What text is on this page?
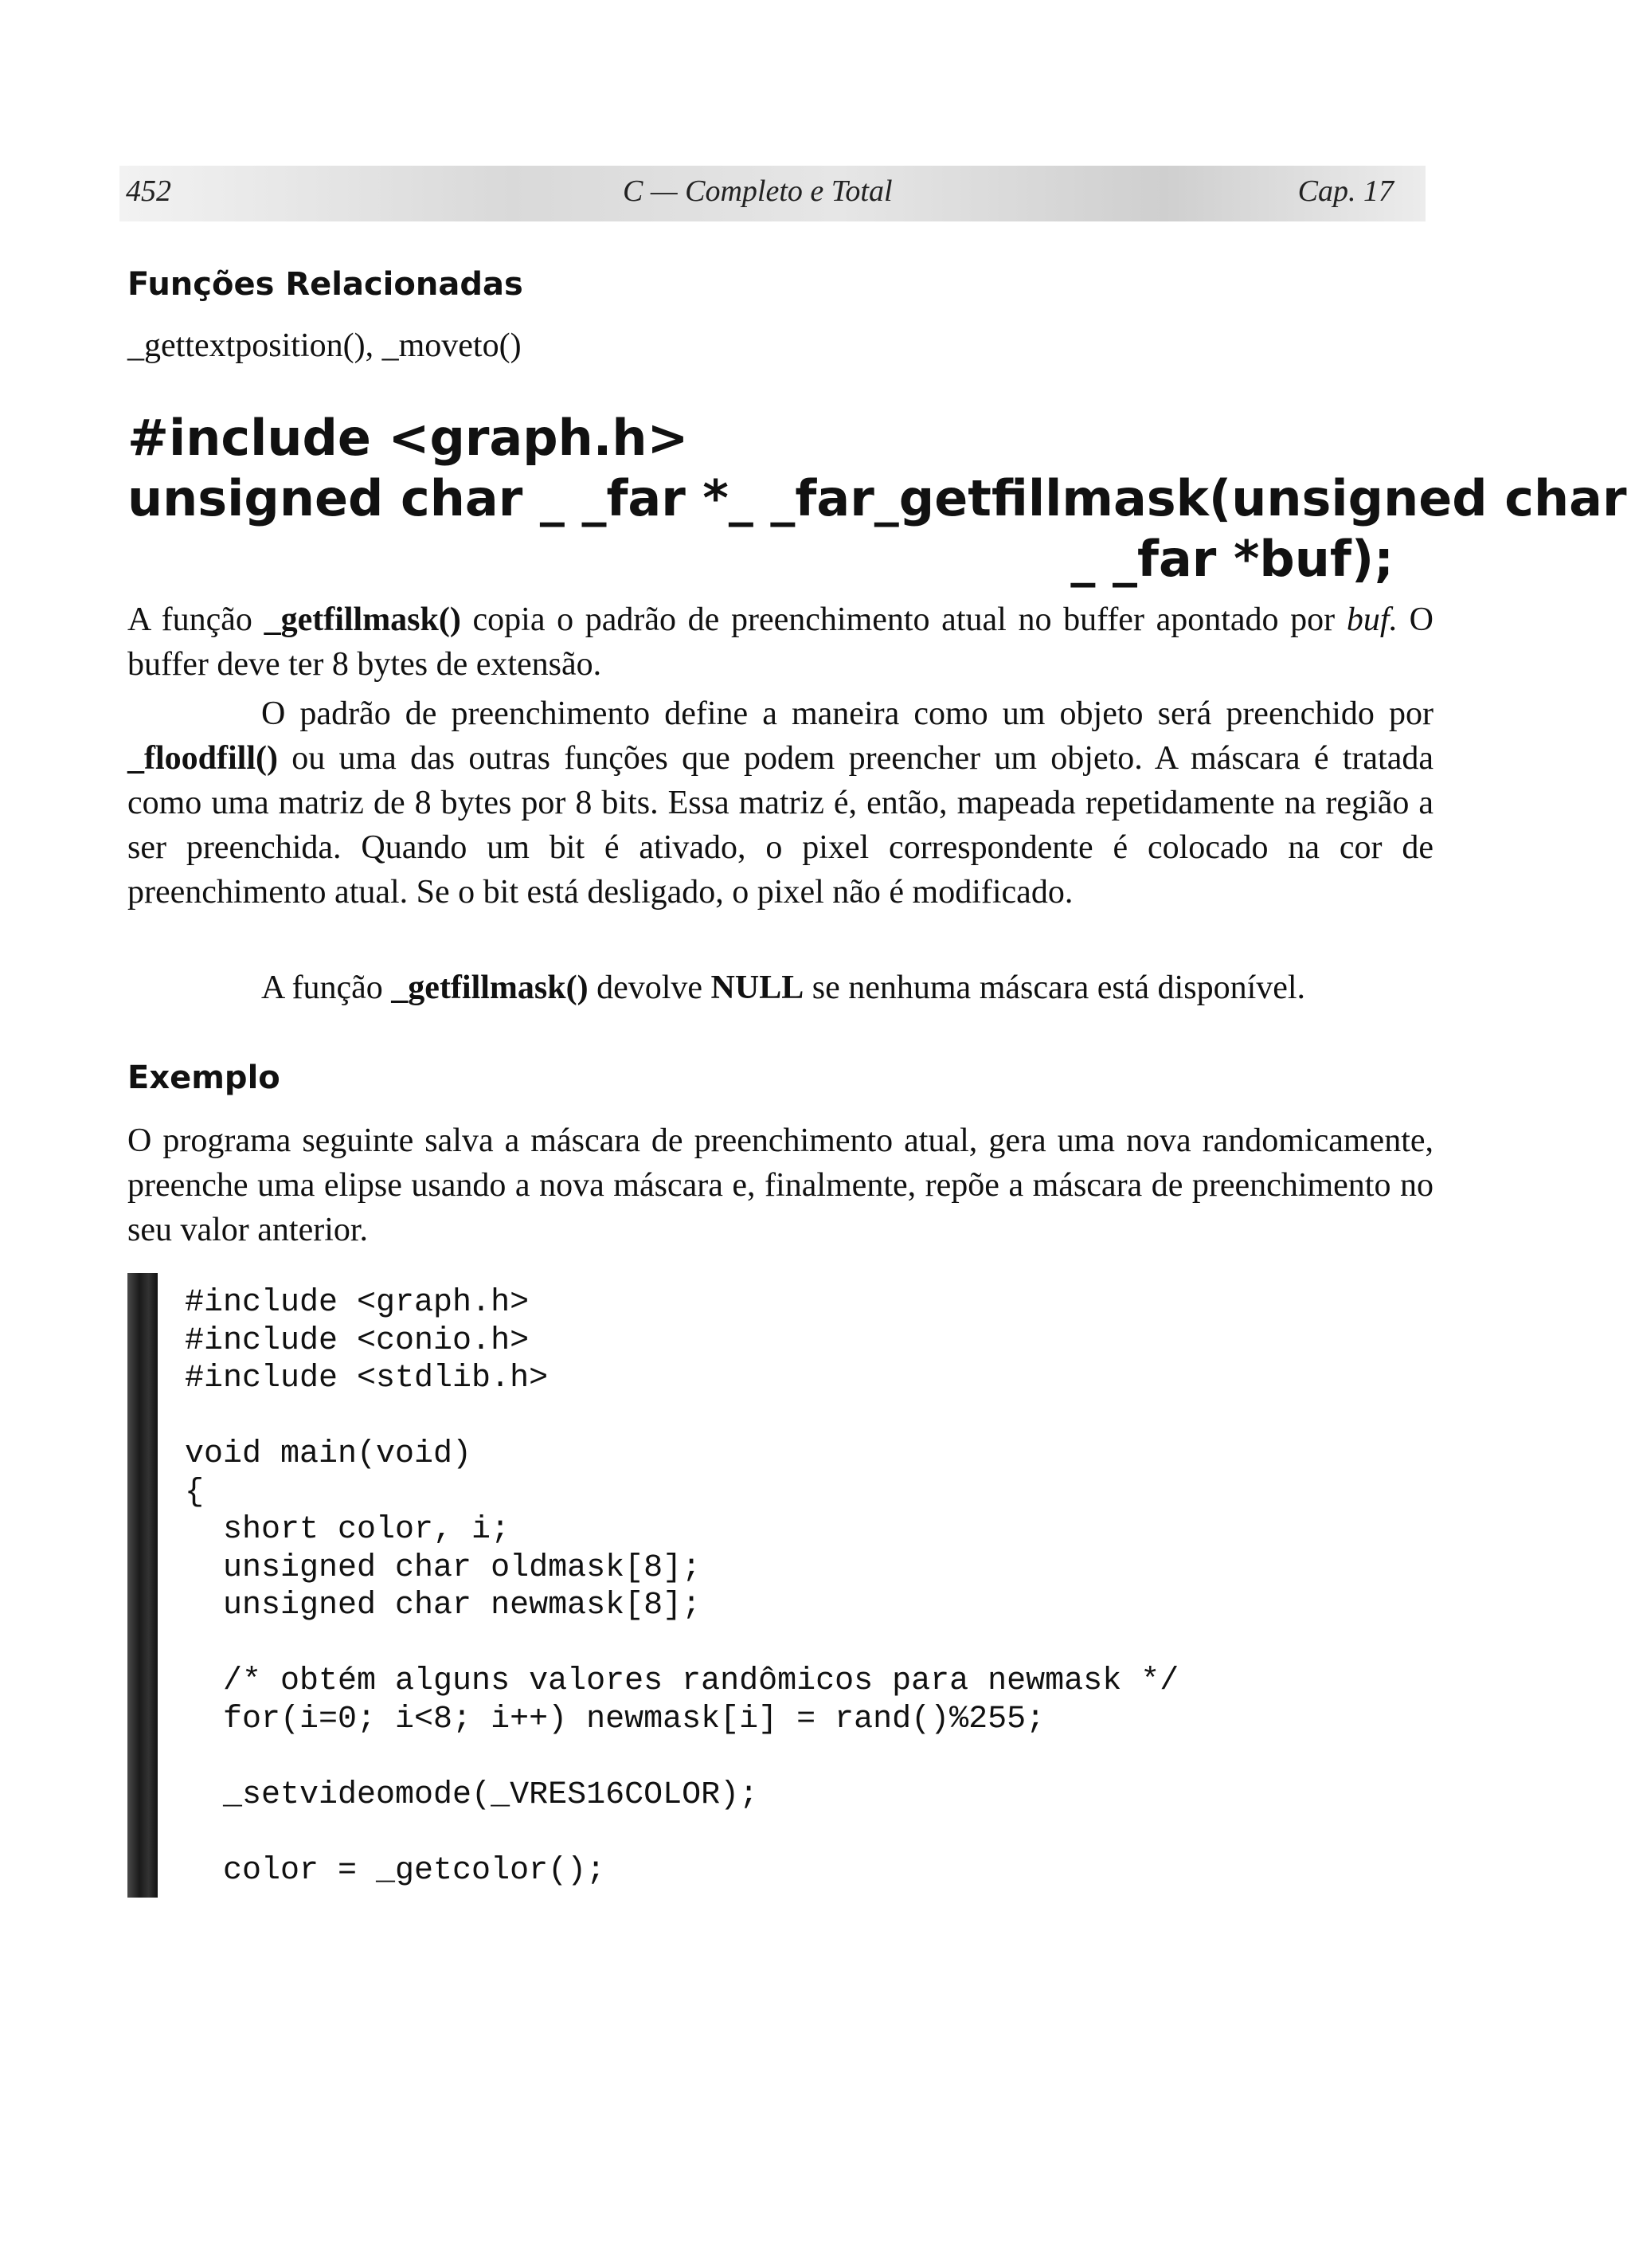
452	C — Completo e Total	Cap. 17
Funções Relacionadas
_gettextposition(), _moveto()
#include <graph.h>
unsigned char _ _far *_ _far_getfillmask(unsigned char
_ _far *buf);

A função _getfillmask() copia o padrão de preenchimento atual no buffer apontado por buf. O buffer deve ter 8 bytes de extensão.

O padrão de preenchimento define a maneira como um objeto será preenchido por _floodfill() ou uma das outras funções que podem preencher um objeto. A máscara é tratada como uma matriz de 8 bytes por 8 bits. Essa matriz é, então, mapeada repetidamente na região a ser preenchida. Quando um bit é ativado, o pixel correspondente é colocado na cor de preenchimento atual. Se o bit está desligado, o pixel não é modificado.

A função _getfillmask() devolve NULL se nenhuma máscara está disponível.

Exemplo

O programa seguinte salva a máscara de preenchimento atual, gera uma nova randomicamente, preenche uma elipse usando a nova máscara e, finalmente, repõe a máscara de preenchimento no seu valor anterior.

#include <graph.h>
#include <conio.h>
#include <stdlib.h>

void main(void)
{
short color, i;
unsigned char oldmask[8];
unsigned char newmask[8];

/* obtém alguns valores randômicos para newmask */
for(i=0; i<8; i++) newmask[i] = rand()%255;

_setvideomode(_VRES16COLOR);

color = _getcolor();
